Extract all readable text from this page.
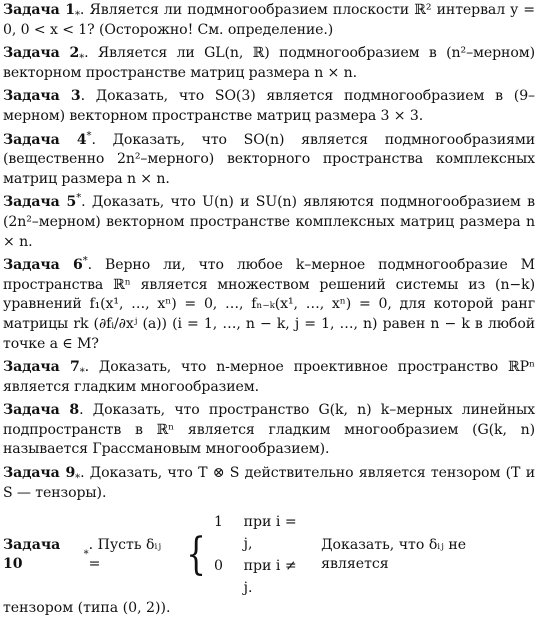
Задача $1_*$. Является ли подмногообразием плоскости ℝ² интервал y = 0, 0 < x < 1? (Осторожно! См. определение.)

Задача $2_*$. Является ли GL(n, ℝ) подмногообразием в (n²–мерном) векторном пространстве матриц размера n × n.

Задача 3. Доказать, что SO(3) является подмногообразием в (9–мерном) векторном пространстве матриц размера 3 × 3.

Задача 4*. Доказать, что SO(n) является подмногообразиями (вещественно 2n²–мерного) векторного пространства комплексных матриц размера n × n.

Задача 5*. Доказать, что U(n) и SU(n) являются подмногообразием в (2n²–мерном) векторном пространстве комплексных матриц размера n × n.

Задача 6*. Верно ли, что любое k–мерное подмногообразие M пространства ℝⁿ является множеством решений системы из (n−k) уравнений f₁(x¹, …, xⁿ) = 0, …, fₙ₋ₖ(x¹, …, xⁿ) = 0, для которой ранг матрицы rk (∂fᵢ/∂xʲ (a)) (i = 1, …, n − k, j = 1, …, n) равен n − k в любой точке a ∈ M?

Задача $7_*$. Доказать, что n-мерное проективное пространство ℝPⁿ является гладким многообразием.

Задача 8. Доказать, что пространство G(k, n) k–мерных линейных подпространств в ℝⁿ является гладким многообразием (G(k, n) называется Грассмановым многообразием).

Задача $9_*$. Доказать, что T ⊗ S действительно является тензором (T и S — тензоры).

Задача 10
*
. Пусть δᵢⱼ =	{
1	при i = j,
0	при i ≠ j.
Доказать, что δᵢⱼ не является

тензором (типа (0, 2)).
